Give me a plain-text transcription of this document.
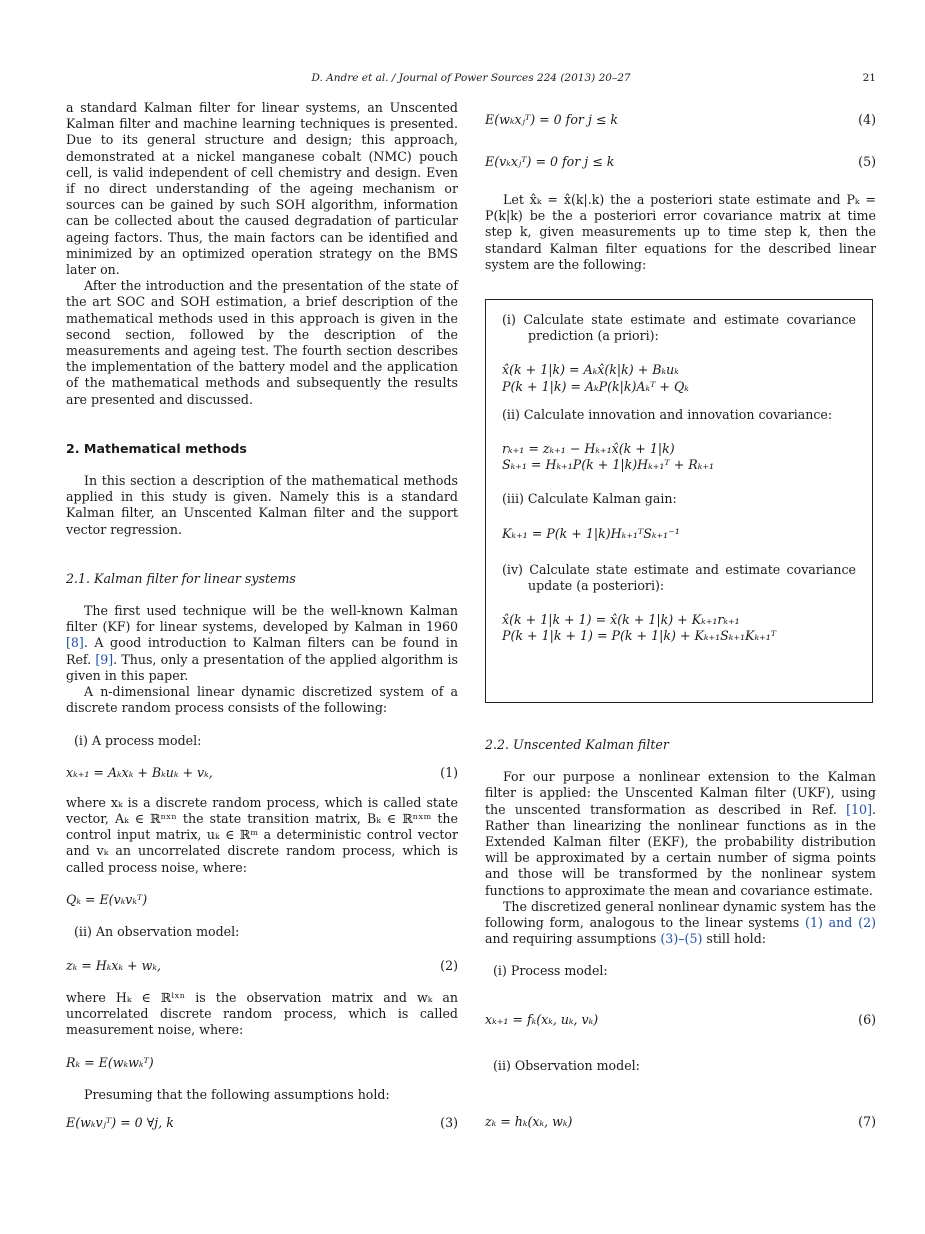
D. Andre et al. / Journal of Power Sources 224 (2013) 20–27	21

a standard Kalman filter for linear systems, an Unscented Kalman filter and machine learning techniques is presented. Due to its general structure and design; this approach, demonstrated at a nickel manganese cobalt (NMC) pouch cell, is valid independent of cell chemistry and design. Even if no direct understanding of the ageing mechanism or sources can be gained by such SOH algorithm, information can be collected about the caused degradation of particular ageing factors. Thus, the main factors can be identified and minimized by an optimized operation strategy on the BMS later on.

After the introduction and the presentation of the state of the art SOC and SOH estimation, a brief description of the mathematical methods used in this approach is given in the second section, followed by the description of the measurements and ageing test. The fourth section describes the implementation of the battery model and the application of the mathematical methods and subsequently the results are presented and discussed.

2. Mathematical methods

In this section a description of the mathematical methods applied in this study is given. Namely this is a standard Kalman filter, an Unscented Kalman filter and the support vector regression.

2.1. Kalman filter for linear systems

The first used technique will be the well-known Kalman filter (KF) for linear systems, developed by Kalman in 1960 [8]. A good introduction to Kalman filters can be found in Ref. [9]. Thus, only a presentation of the applied algorithm is given in this paper.

A n-dimensional linear dynamic discretized system of a discrete random process consists of the following:

(i) A process model:

xₖ₊₁ = Aₖxₖ + Bₖuₖ + vₖ,	(1)

where xₖ is a discrete random process, which is called state vector, Aₖ ∈ ℝⁿˣⁿ the state transition matrix, Bₖ ∈ ℝⁿˣᵐ the control input matrix, uₖ ∈ ℝᵐ a deterministic control vector and vₖ an uncorrelated discrete random process, which is called process noise, where:

Qₖ = E(vₖvₖᵀ)

(ii) An observation model:

zₖ = Hₖxₖ + wₖ,	(2)

where Hₖ ∈ ℝˡˣⁿ is the observation matrix and wₖ an uncorrelated discrete random process, which is called measurement noise, where:

Rₖ = E(wₖwₖᵀ)

Presuming that the following assumptions hold:

E(wₖvⱼᵀ) = 0 ∀j, k	(3)
E(wₖxⱼᵀ) = 0 for j ≤ k	(4)
E(vₖxⱼᵀ) = 0 for j ≤ k	(5)

Let x̂ₖ = x̂(k|.k) the a posteriori state estimate and Pₖ = P(k|k) be the a posteriori error covariance matrix at time step k, given measurements up to time step k, then the standard Kalman filter equations for the described linear system are the following:

(i) Calculate state estimate and estimate covariance prediction (a priori):

x̂(k + 1|k) = Aₖx̂(k|k) + Bₖuₖ

P(k + 1|k) = AₖP(k|k)Aₖᵀ + Qₖ

(ii) Calculate innovation and innovation covariance:

rₖ₊₁ = zₖ₊₁ − Hₖ₊₁x̂(k + 1|k)

Sₖ₊₁ = Hₖ₊₁P(k + 1|k)Hₖ₊₁ᵀ + Rₖ₊₁

(iii) Calculate Kalman gain:

Kₖ₊₁ = P(k + 1|k)Hₖ₊₁ᵀSₖ₊₁⁻¹

(iv) Calculate state estimate and estimate covariance update (a posteriori):

x̂(k + 1|k + 1) = x̂(k + 1|k) + Kₖ₊₁rₖ₊₁

P(k + 1|k + 1) = P(k + 1|k) + Kₖ₊₁Sₖ₊₁Kₖ₊₁ᵀ

2.2. Unscented Kalman filter

For our purpose a nonlinear extension to the Kalman filter is applied: the Unscented Kalman filter (UKF), using the unscented transformation as described in Ref. [10]. Rather than linearizing the nonlinear functions as in the Extended Kalman filter (EKF), the probability distribution will be approximated by a certain number of sigma points and those will be transformed by the nonlinear system functions to approximate the mean and covariance estimate.

The discretized general nonlinear dynamic system has the following form, analogous to the linear systems (1) and (2) and requiring assumptions (3)–(5) still hold:

(i) Process model:

xₖ₊₁ = fₖ(xₖ, uₖ, vₖ)	(6)

(ii) Observation model:

zₖ = hₖ(xₖ, wₖ)	(7)
